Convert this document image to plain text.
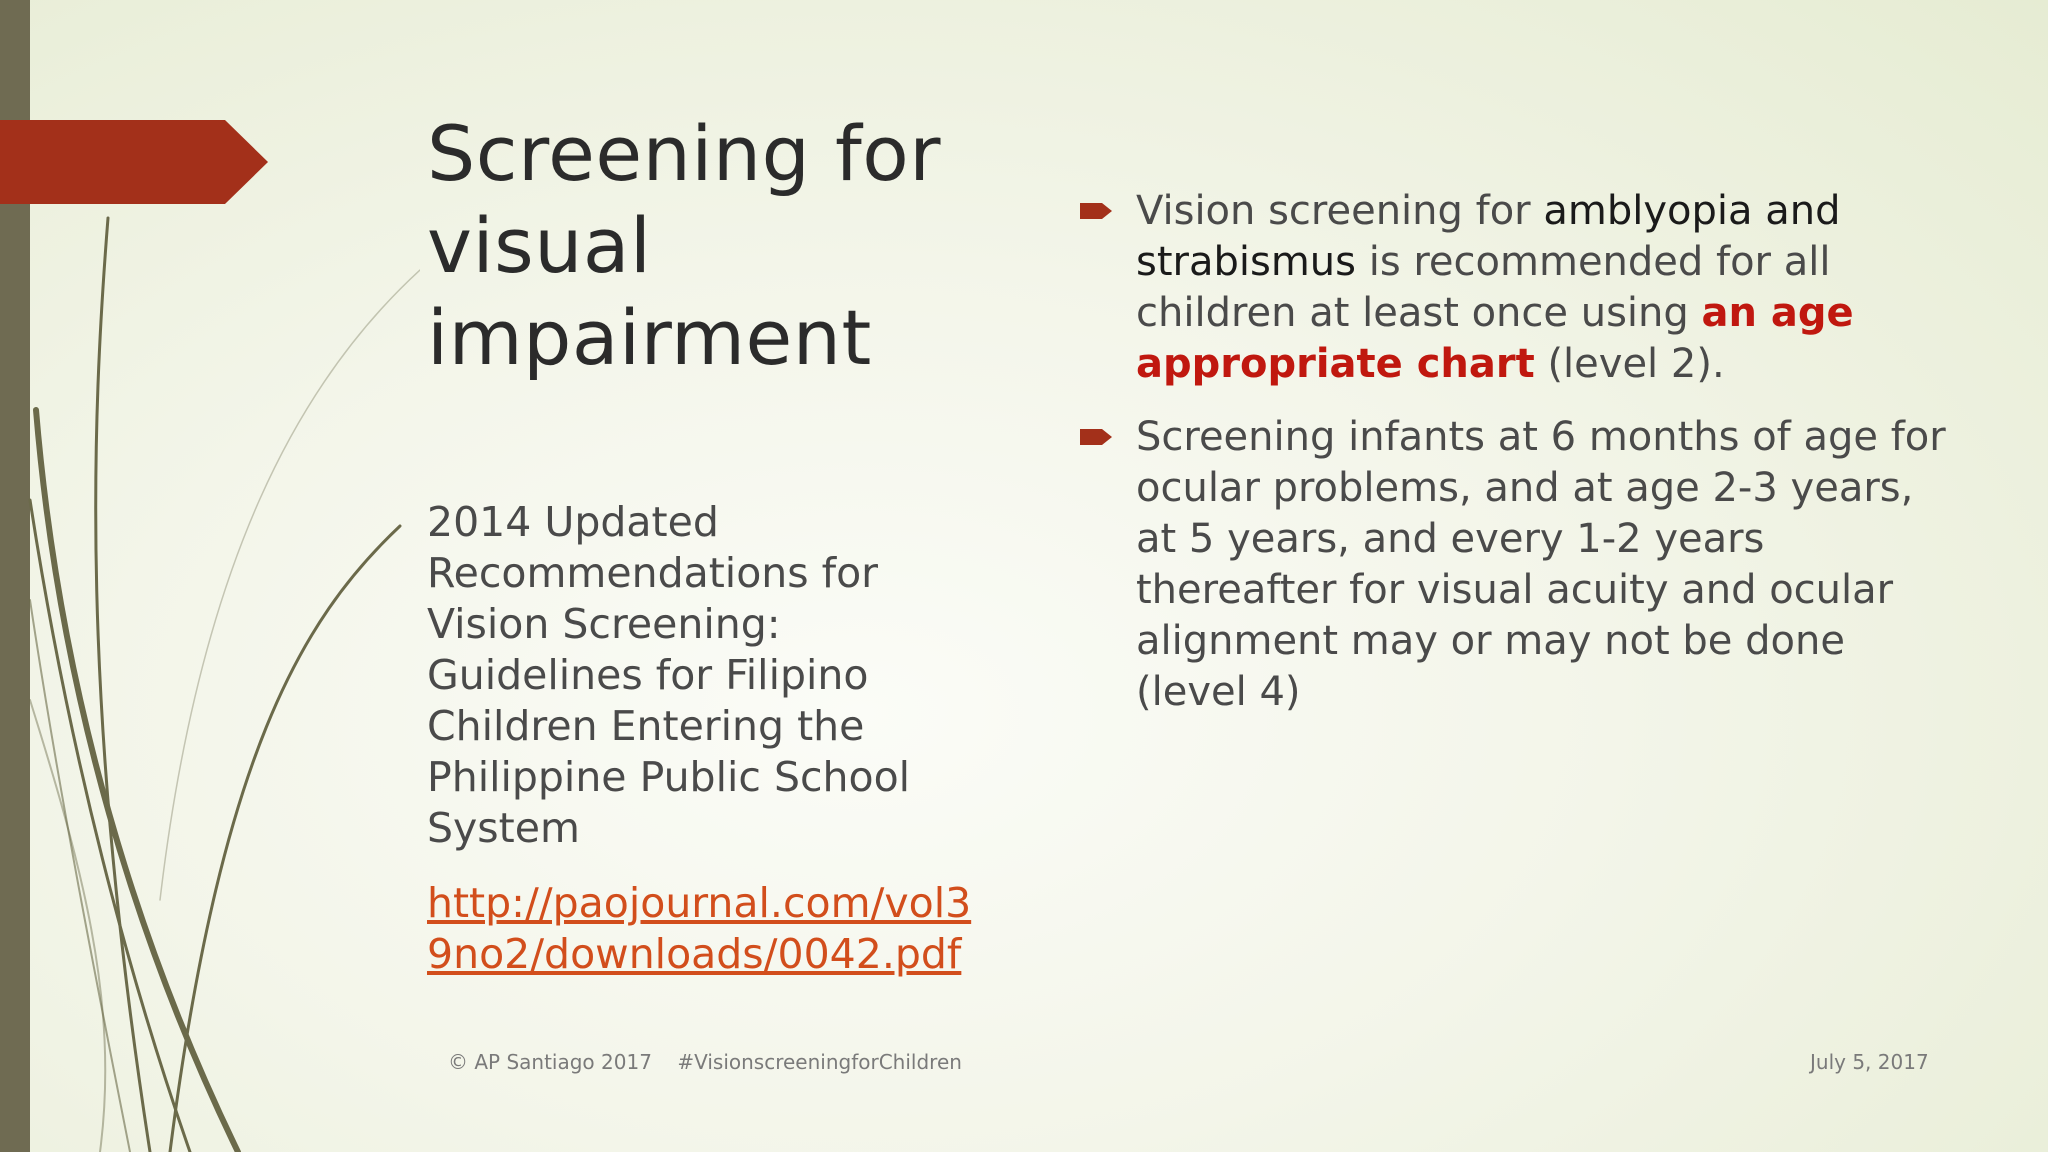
Screening for visual impairment

2014 Updated Recommendations for Vision Screening: Guidelines for Filipino Children Entering the Philippine Public School System

http://paojournal.com/vol39no2/downloads/0042.pdf
Vision screening for amblyopia and strabismus is recommended for all children at least once using an age appropriate chart (level 2).
Screening infants at 6 months of age for ocular problems, and at age 2-3 years, at 5 years, and every 1-2 years thereafter for visual acuity and ocular alignment may or may not be done (level 4)
© AP Santiago 2017    #VisionscreeningforChildren	July 5, 2017
